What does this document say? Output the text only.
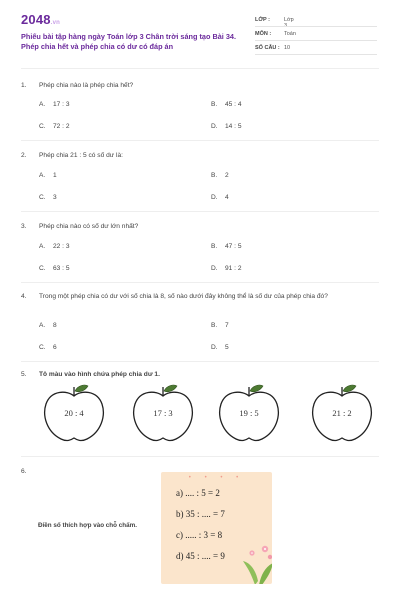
2048.vn
Phiếu bài tập hàng ngày Toán lớp 3 Chân trời sáng tạo Bài 34. Phép chia hết và phép chia có dư có đáp án
LỚP :	Lớp 3
MÔN :	Toán
SỐ CÂU : 10
1. Phép chia nào là phép chia hết?
A. 17 : 3	B. 45 : 4
C. 72 : 2	D. 14 : 5
2. Phép chia 21 : 5 có số dư là:
A. 1	B. 2
C. 3	D. 4
3. Phép chia nào có số dư lớn nhất?
A. 22 : 3	B. 47 : 5
C. 63 : 5	D. 91 : 2
4. Trong một phép chia có dư với số chia là 8, số nào dưới đây không thể là số dư của phép chia đó?
A. 8	B. 7
C. 6	D. 5
5. Tô màu vào hình chứa phép chia dư 1.
20 : 4	17 : 3	19 : 5	21 : 2
6.
Điền số thích hợp vào chỗ chấm.
• • • •
a) .... : 5 = 2
b) 35 : .... = 7
c) ..... : 3 = 8
d) 45 : .... = 9
